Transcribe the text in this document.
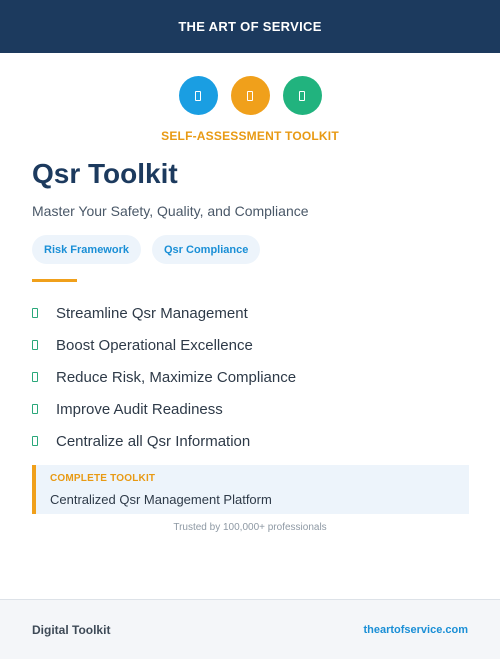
THE ART OF SERVICE
SELF-ASSESSMENT TOOLKIT
Qsr Toolkit

Master Your Safety, Quality, and Compliance

Risk Framework	Qsr Compliance
Streamline Qsr Management
Boost Operational Excellence
Reduce Risk, Maximize Compliance
Improve Audit Readiness
Centralize all Qsr Information
COMPLETE TOOLKIT
Centralized Qsr Management Platform
Trusted by 100,000+ professionals
Digital Toolkit	theartofservice.com
